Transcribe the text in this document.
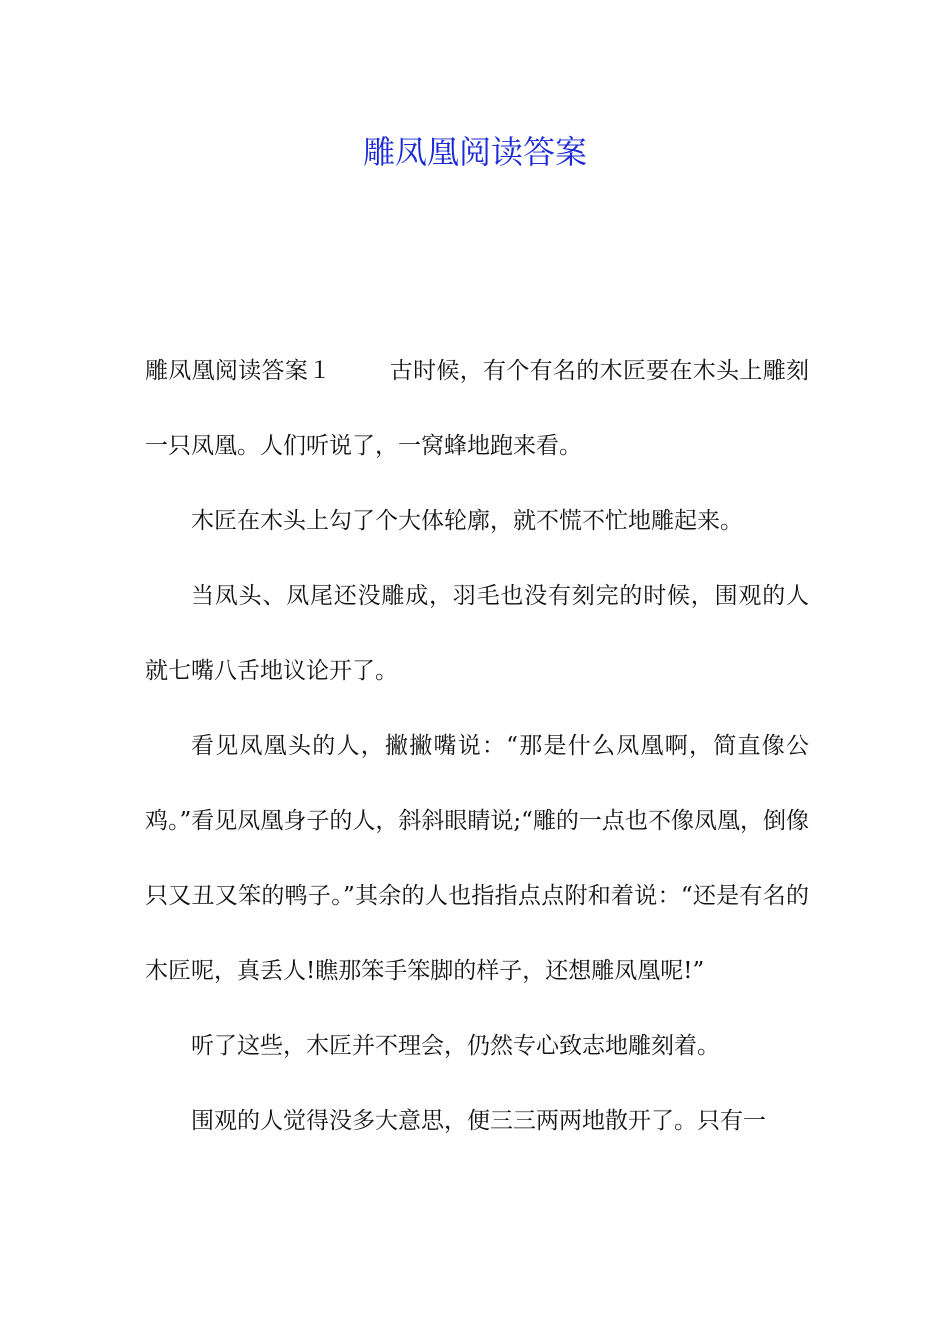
雕凤凰阅读答案

雕凤凰阅读答案１	古时候，有个有名的木匠要在木头上雕刻一只凤凰。人们听说了，一窝蜂地跑来看。

木匠在木头上勾了个大体轮廓，就不慌不忙地雕起来。

当凤头、凤尾还没雕成，羽毛也没有刻完的时候，围观的人就七嘴八舌地议论开了。

看见凤凰头的人，撇撇嘴说：“那是什么凤凰啊，简直像公鸡。”看见凤凰身子的人，斜斜眼睛说;“雕的一点也不像凤凰，倒像只又丑又笨的鸭子。”其余的人也指指点点附和着说：“还是有名的木匠呢，真丢人!瞧那笨手笨脚的样子，还想雕凤凰呢!”

听了这些，木匠并不理会，仍然专心致志地雕刻着。

围观的人觉得没多大意思，便三三两两地散开了。只有一
